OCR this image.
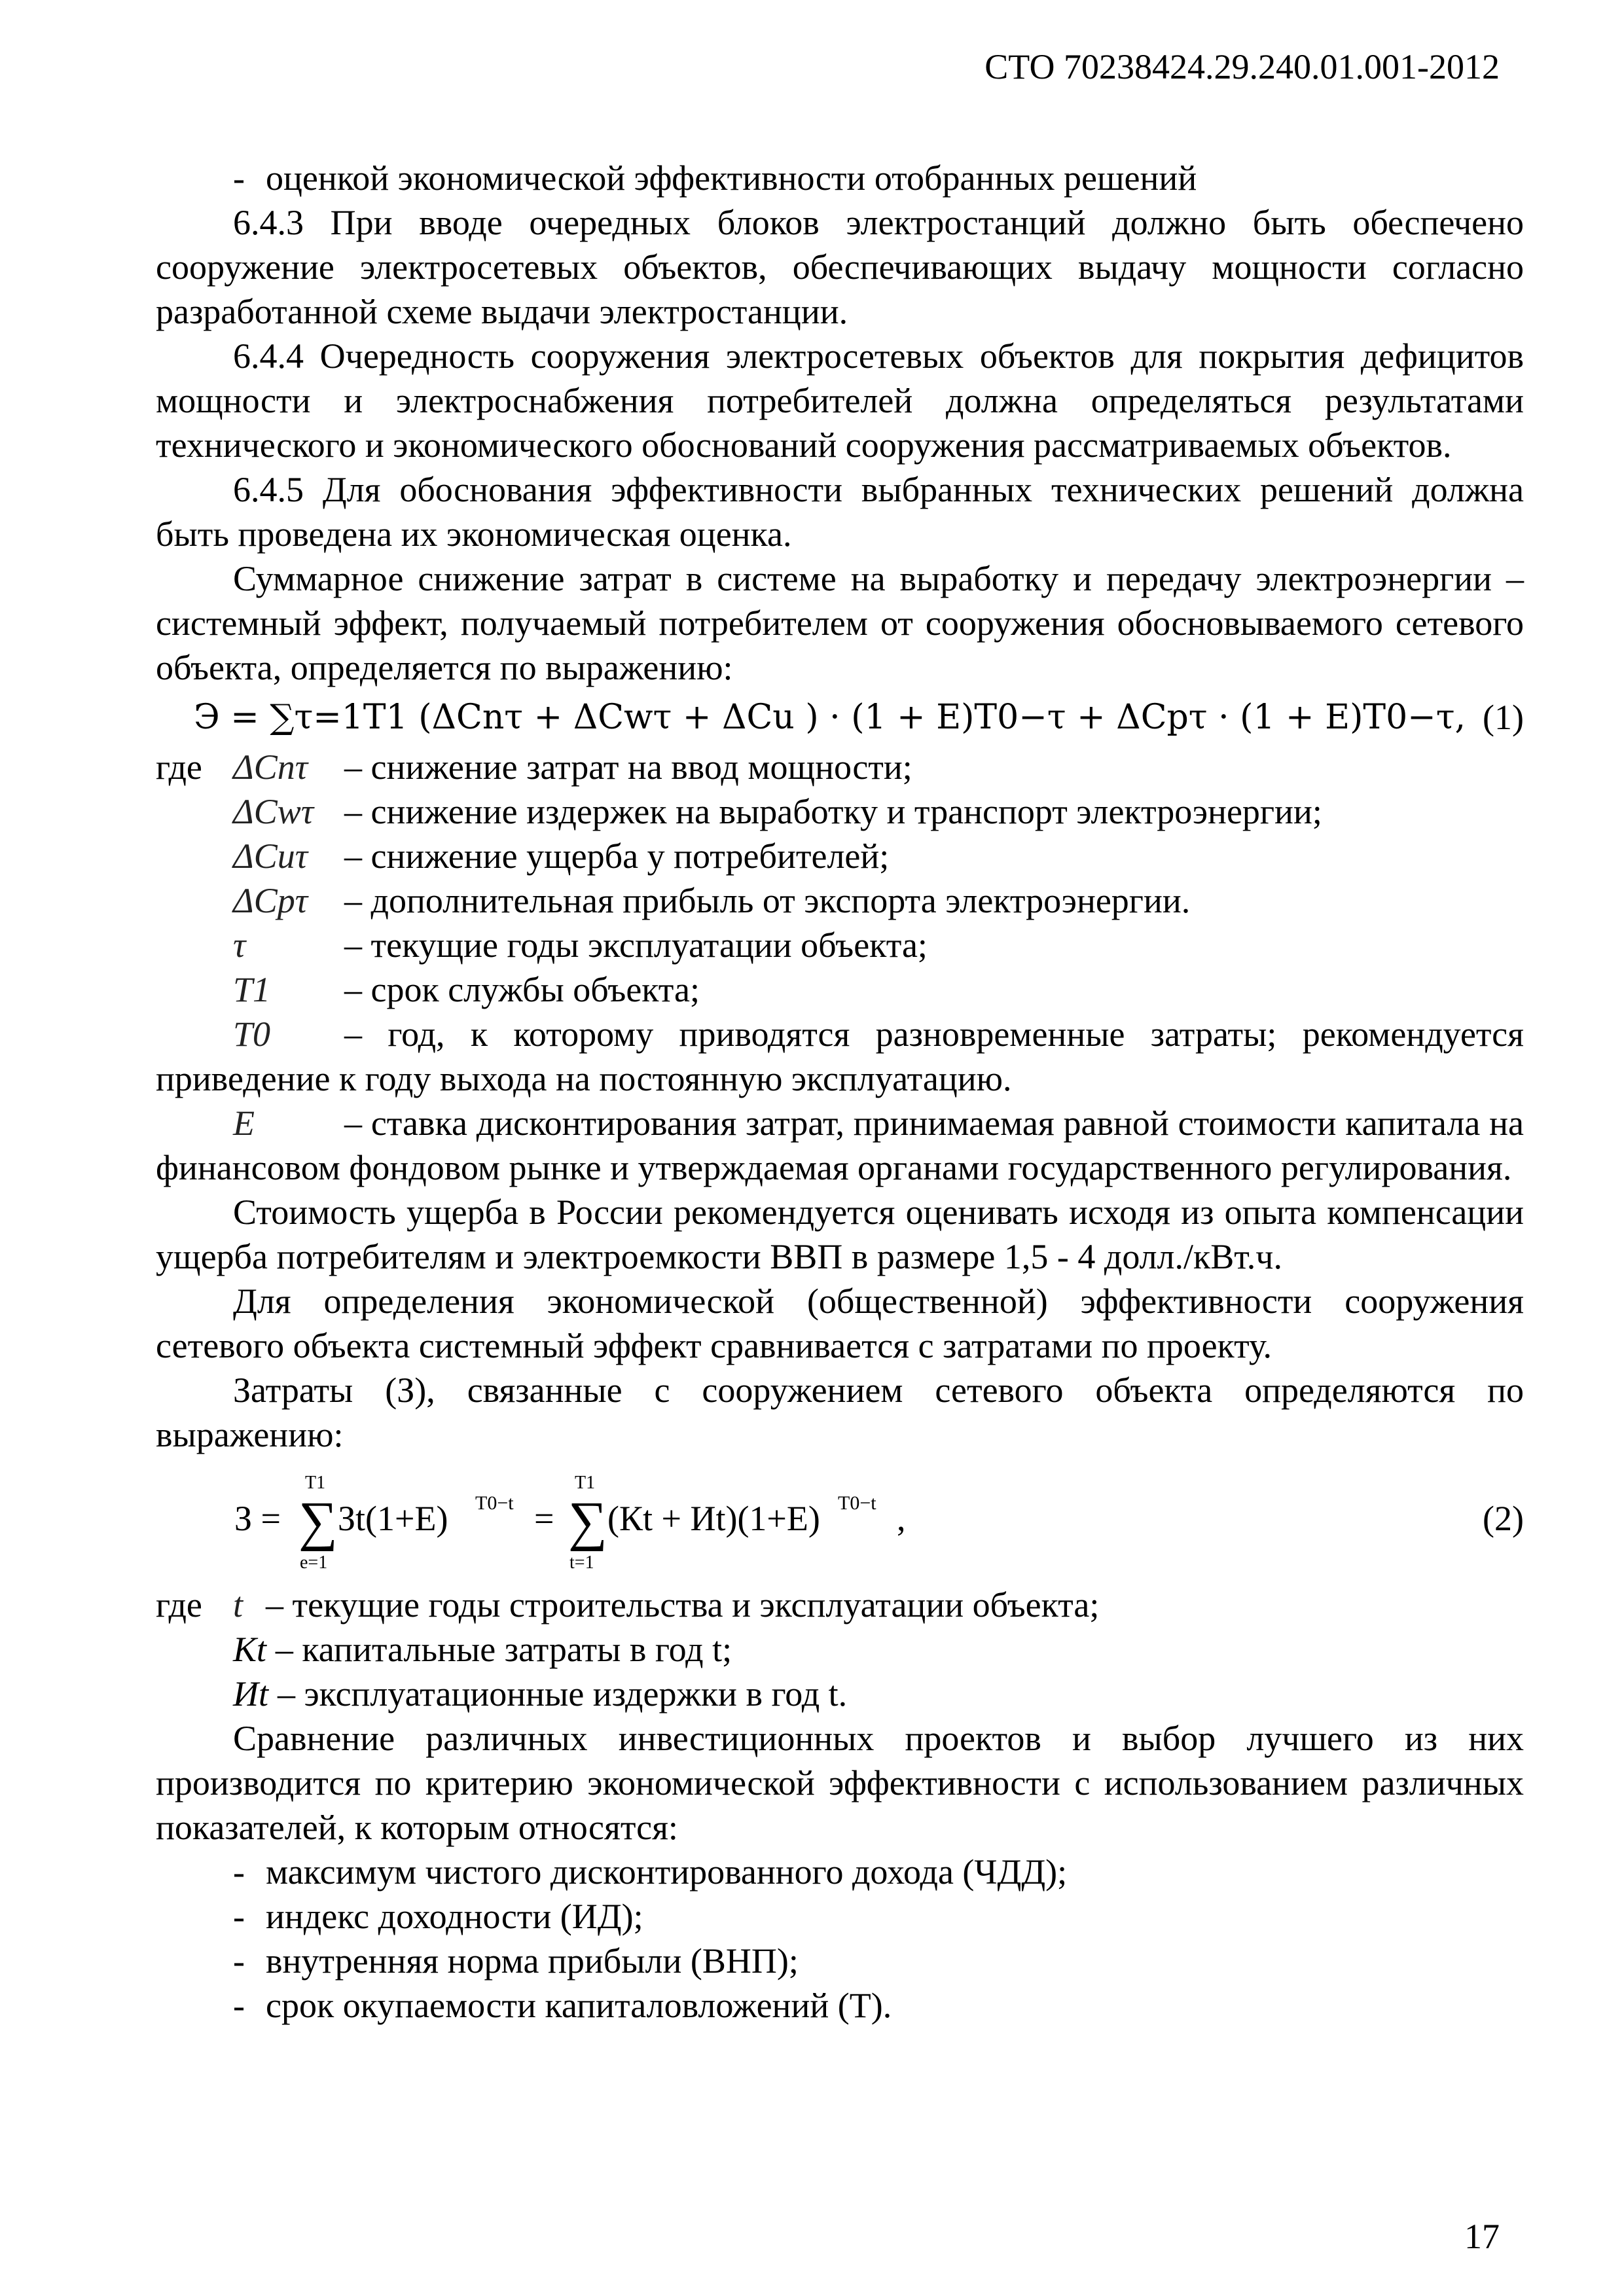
СТО 70238424.29.240.01.001-2012
- оценкой экономической эффективности отобранных решений

6.4.3 При вводе очередных блоков электростанций должно быть обеспечено сооружение электросетевых объектов, обеспечивающих выдачу мощности согласно разработанной схеме выдачи электростанции.

6.4.4 Очередность сооружения электросетевых объектов для покрытия дефицитов мощности и электроснабжения потребителей должна определяться результатами технического и экономического обоснований сооружения рассматриваемых объектов.

6.4.5 Для обоснования эффективности выбранных технических решений должна быть проведена их экономическая оценка.

Суммарное снижение затрат в системе на выработку и передачу электроэнергии – системный эффект, получаемый потребителем от сооружения обосновываемого сетевого объекта, определяется по выражению:

Э = ∑τ=1T1 (ΔCnτ + ΔCwτ + ΔCu ) · (1 + E)T0−τ + ΔCpτ · (1 + E)T0−τ, (1)
где ΔCnτ	– снижение затрат на ввод мощности;
ΔCwτ – снижение издержек на выработку и транспорт электроэнергии;
ΔCuτ	– снижение ущерба у потребителей;
ΔCpτ	– дополнительная прибыль от экспорта электроэнергии.
τ	– текущие годы эксплуатации объекта;
T1	– срок службы объекта;

T0 – год, к которому приводятся разновременные затраты; рекомендуется приведение к году выхода на постоянную эксплуатацию.

E	– ставка дисконтирования затрат, принимаемая равной стоимости капитала на финансовом фондовом рынке и утверждаемая органами государственного регулирования.

Стоимость ущерба в России рекомендуется оценивать исходя из опыта компенсации ущерба потребителям и электроемкости ВВП в размере 1,5 - 4 долл./кВт.ч.

Для определения экономической (общественной) эффективности сооружения сетевого объекта системный эффект сравнивается с затратами по проекту.

Затраты (З), связанные с сооружением сетевого объекта определяются по выражению:

З =
T1
∑
e=1
Зt(1+E) T0−t =
T1
∑
t=1
(Кt + Иt)(1+E) T0−t ,	(2)
где t – текущие годы строительства и эксплуатации объекта;
Кt – капитальные затраты в год t;
Иt – эксплуатационные издержки в год t.

Сравнение различных инвестиционных проектов и выбор лучшего из них производится по критерию экономической эффективности с использованием различных показателей, к которым относятся:

- максимум чистого дисконтированного дохода (ЧДД);
- индекс доходности (ИД);
- внутренняя норма прибыли (ВНП);
- срок окупаемости капиталовложений (Т).
17
